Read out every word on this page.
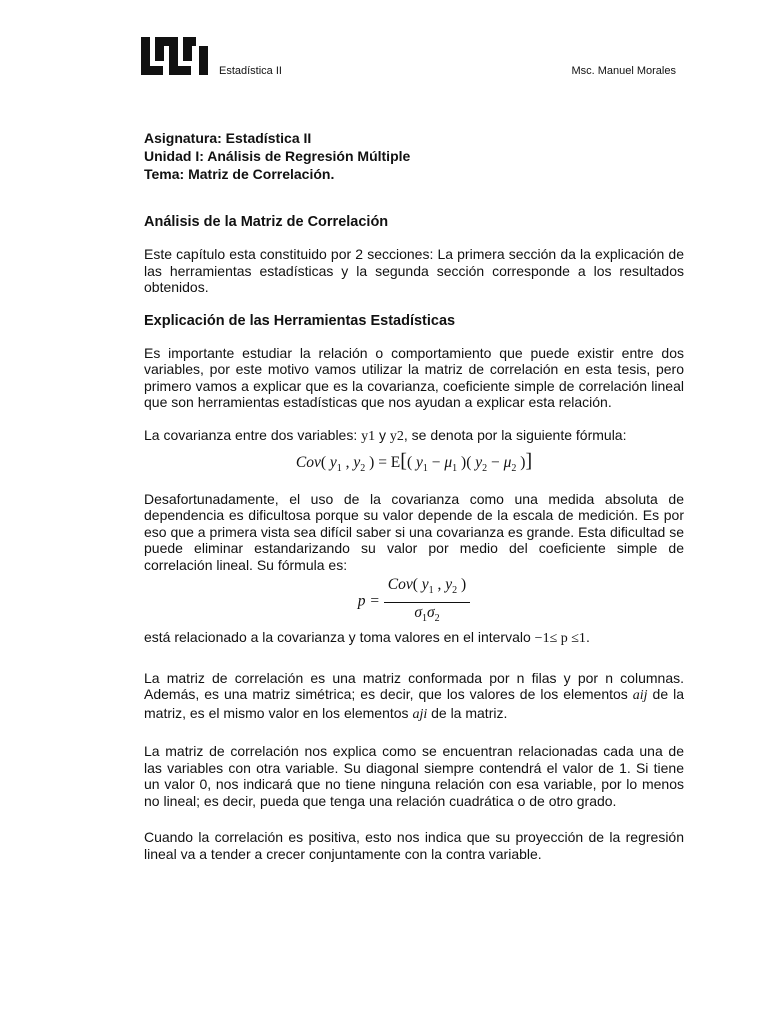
Estadística II	Msc. Manuel Morales
Asignatura: Estadística II
Unidad I: Análisis de Regresión Múltiple
Tema: Matriz de Correlación.
Análisis de la Matriz de Correlación

Este capítulo esta constituido por 2 secciones: La primera sección da la explicación de las herramientas estadísticas y la segunda sección corresponde a los resultados obtenidos.

Explicación de las Herramientas Estadísticas

Es importante estudiar la relación o comportamiento que puede existir entre dos variables, por este motivo vamos utilizar la matriz de correlación en esta tesis, pero primero vamos a explicar que es la covarianza, coeficiente simple de correlación lineal que son herramientas estadísticas que nos ayudan a explicar esta relación.

La covarianza entre dos variables: y1 y y2, se denota por la siguiente fórmula:

Cov( $y_1$ , $y_2$ ) = E[( $y_1 - \mu_1$ )( $y_2 - \mu_2$ )]

Desafortunadamente, el uso de la covarianza como una medida absoluta de dependencia es dificultosa porque su valor depende de la escala de medición. Es por eso que a primera vista sea difícil saber si una covarianza es grande. Esta dificultad se puede eliminar estandarizando su valor por medio del coeficiente simple de correlación lineal. Su fórmula es:

$p = \frac{Cov( y_1 , y_2 )}{\sigma_1\sigma_2}$

está relacionado a la covarianza y toma valores en el intervalo −1≤ p ≤1.

La matriz de correlación es una matriz conformada por n filas y por n columnas. Además, es una matriz simétrica; es decir, que los valores de los elementos aij de la matriz, es el mismo valor en los elementos aji de la matriz.

La matriz de correlación nos explica como se encuentran relacionadas cada una de las variables con otra variable. Su diagonal siempre contendrá el valor de 1. Si tiene un valor 0, nos indicará que no tiene ninguna relación con esa variable, por lo menos no lineal; es decir, pueda que tenga una relación cuadrática o de otro grado.

Cuando la correlación es positiva, esto nos indica que su proyección de la regresión lineal va a tender a crecer conjuntamente con la contra variable.
